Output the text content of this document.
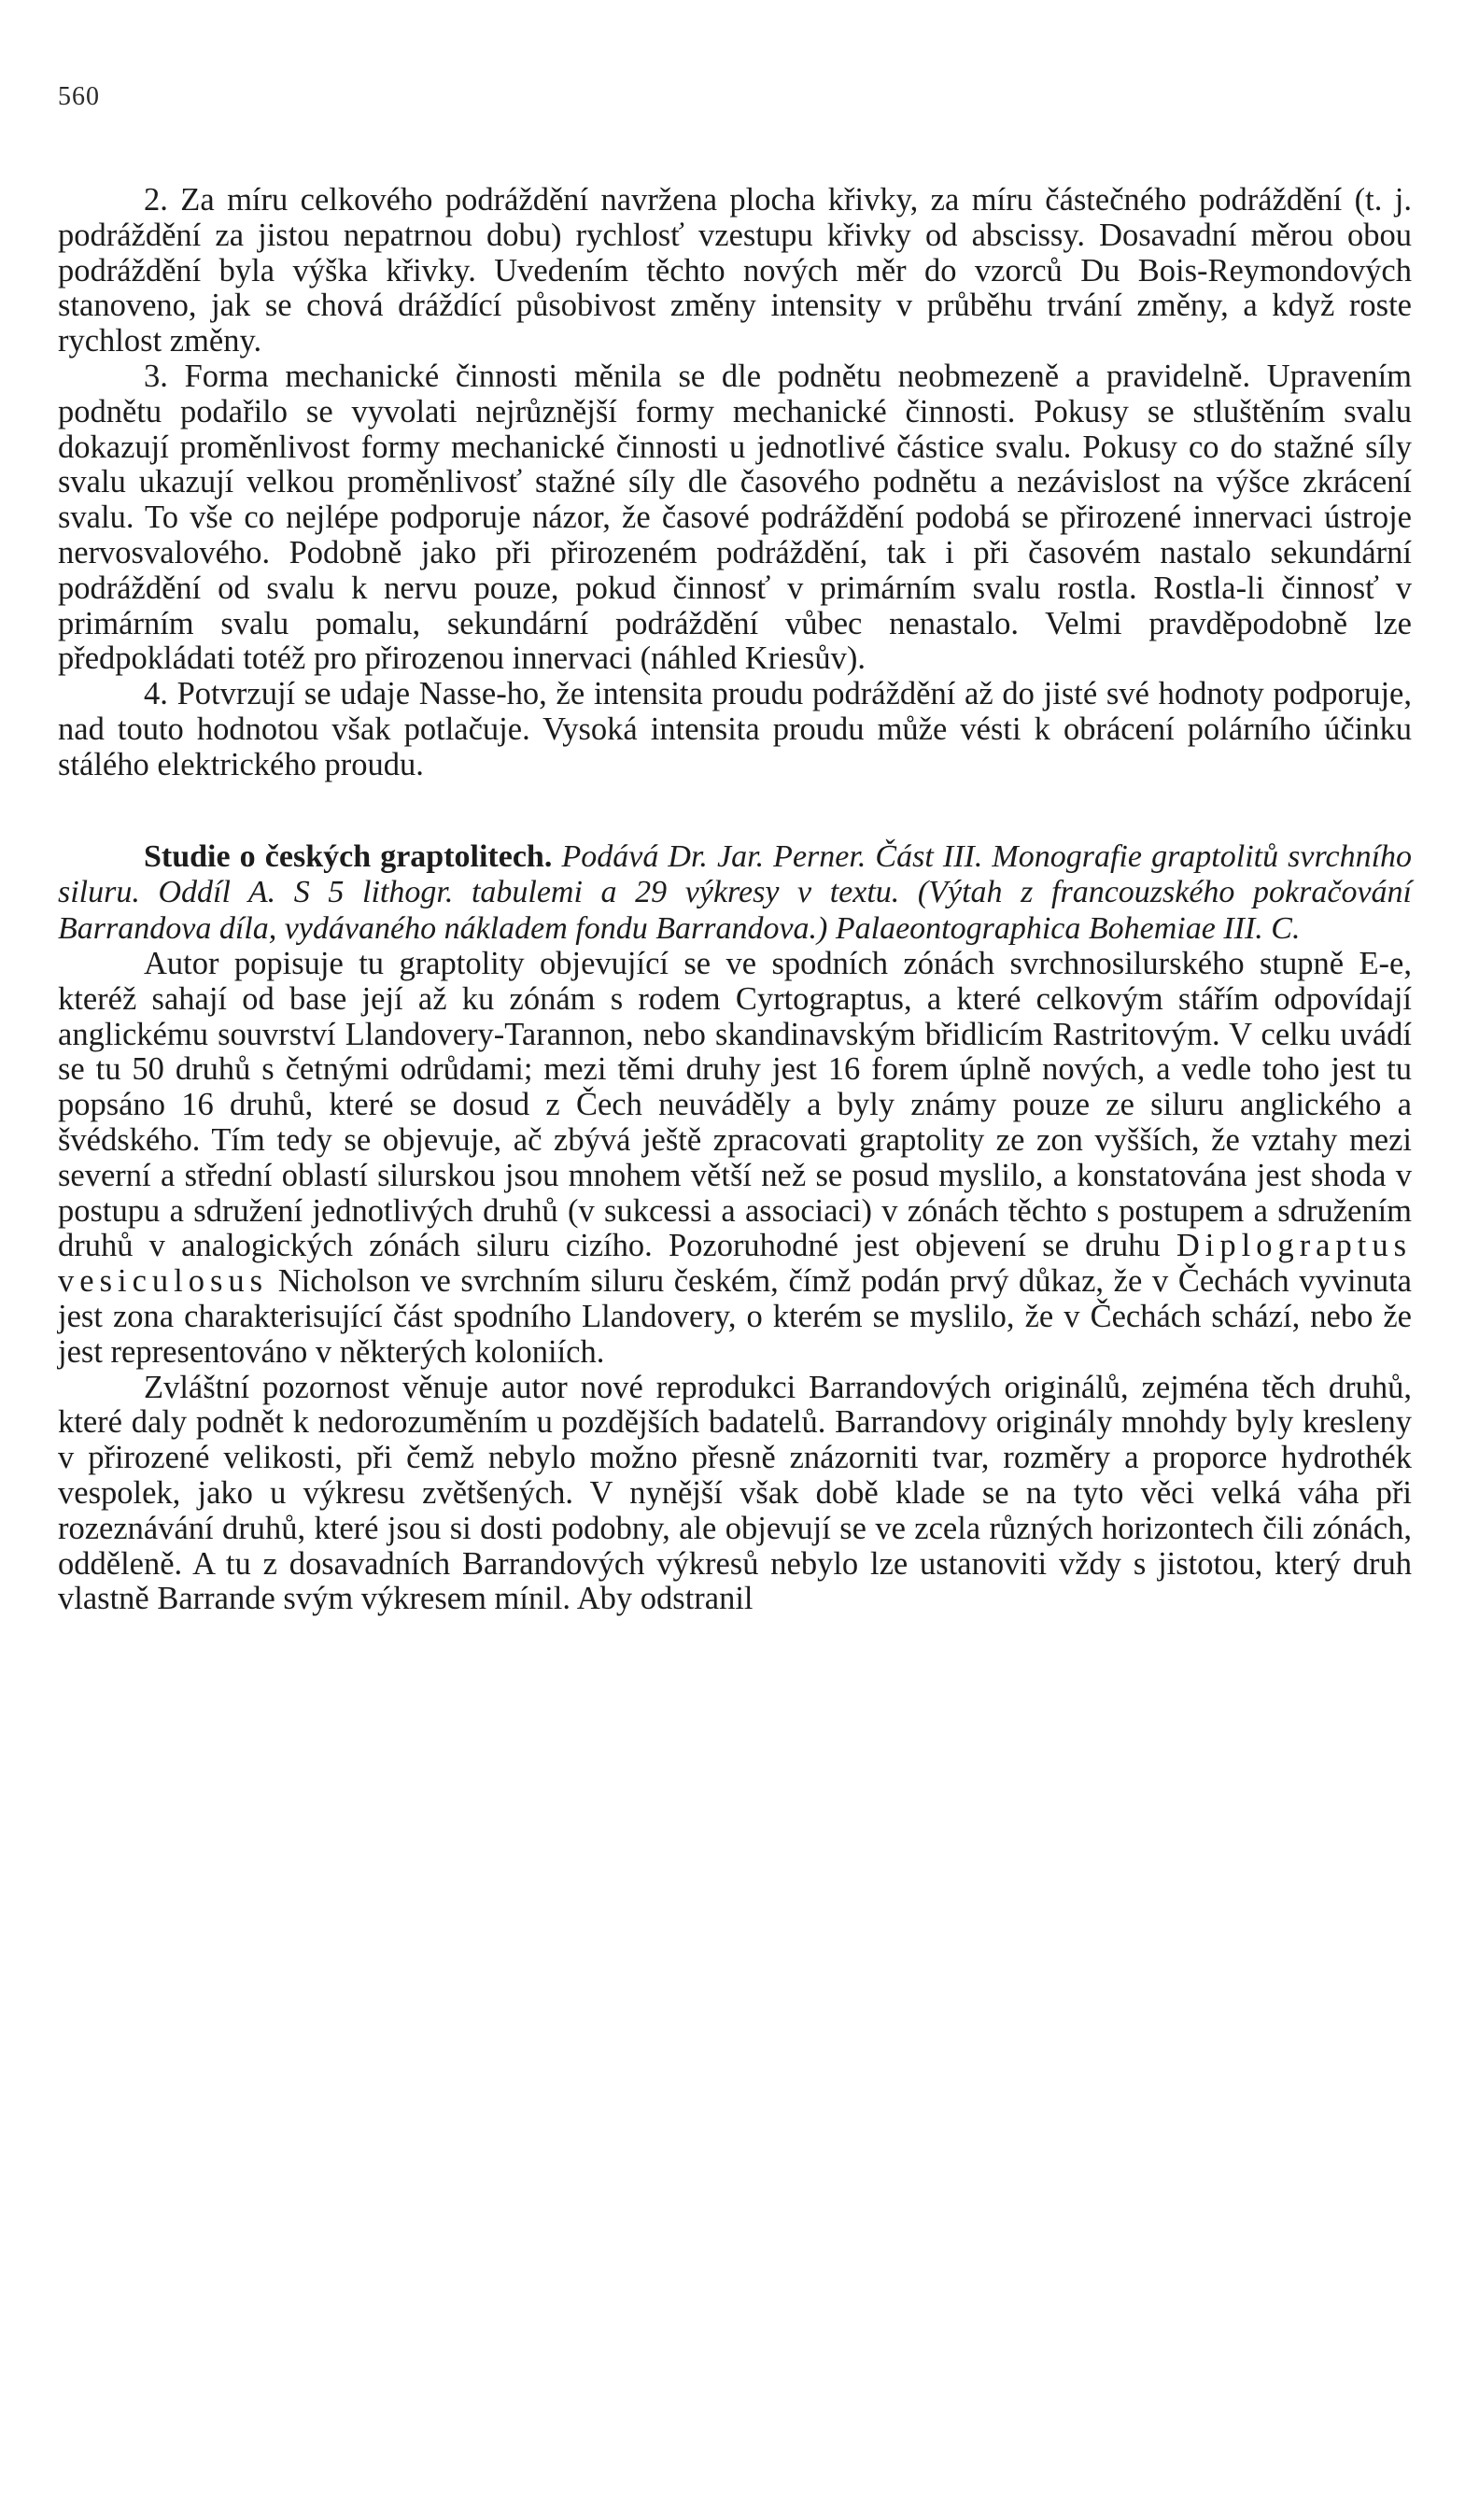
560

2. Za míru celkového podráždění navržena plocha křivky, za míru částečného podráždění (t. j. podráždění za jistou nepatrnou dobu) rychlosť vzestupu křivky od abscissy. Dosavadní měrou obou podráždění byla výška křivky. Uvedením těchto nových měr do vzorců Du Bois-Reymondových stanoveno, jak se chová dráždící působivost změny intensity v průběhu trvání změny, a když roste rychlost změny.

3. Forma mechanické činnosti měnila se dle podnětu neobmezeně a pravidelně. Upravením podnětu podařilo se vyvolati nejrůznější formy mechanické činnosti. Pokusy se stluštěním svalu dokazují proměnlivost formy mechanické činnosti u jednotlivé částice svalu. Pokusy co do stažné síly svalu ukazují velkou proměnlivosť stažné síly dle časového podnětu a nezávislost na výšce zkrácení svalu. To vše co nejlépe podporuje názor, že časové podráždění podobá se přirozené innervaci ústroje nervosvalového. Podobně jako při přirozeném podráždění, tak i při časovém nastalo sekundární podráždění od svalu k nervu pouze, pokud činnosť v primárním svalu rostla. Rostla-li činnosť v primárním svalu pomalu, sekundární podráždění vůbec nenastalo. Velmi pravděpodobně lze předpokládati totéž pro přirozenou innervaci (náhled Kriesův).

4. Potvrzují se udaje Nasse-ho, že intensita proudu podráždění až do jisté své hodnoty podporuje, nad touto hodnotou však potlačuje. Vysoká intensita proudu může vésti k obrácení polárního účinku stálého elektrického proudu.

Studie o českých graptolitech. Podává Dr. Jar. Perner. Část III. Monografie graptolitů svrchního siluru. Oddíl A. S 5 lithogr. tabulemi a 29 výkresy v textu. (Výtah z francouzského pokračování Barrandova díla, vydávaného nákladem fondu Barrandova.) Palaeontographica Bohemiae III. C.

Autor popisuje tu graptolity objevující se ve spodních zónách svrchnosilurského stupně E-e, kteréž sahají od base její až ku zónám s rodem Cyrtograptus, a které celkovým stářím odpovídají anglickému souvrství Llandovery-Tarannon, nebo skandinavským břidlicím Rastritovým. V celku uvádí se tu 50 druhů s četnými odrůdami; mezi těmi druhy jest 16 forem úplně nových, a vedle toho jest tu popsáno 16 druhů, které se dosud z Čech neuváděly a byly známy pouze ze siluru anglického a švédského. Tím tedy se objevuje, ač zbývá ještě zpracovati graptolity ze zon vyšších, že vztahy mezi severní a střední oblastí silurskou jsou mnohem větší než se posud myslilo, a konstatována jest shoda v postupu a sdružení jednotlivých druhů (v sukcessi a associaci) v zónách těchto s postupem a sdružením druhů v analogických zónách siluru cizího. Pozoruhodné jest objevení se druhu Diplograptus vesiculosus Nicholson ve svrchním siluru českém, čímž podán prvý důkaz, že v Čechách vyvinuta jest zona charakterisující část spodního Llandovery, o kterém se myslilo, že v Čechách schází, nebo že jest representováno v některých koloniích.

Zvláštní pozornost věnuje autor nové reprodukci Barrandových originálů, zejména těch druhů, které daly podnět k nedorozuměním u pozdějších badatelů. Barrandovy originály mnohdy byly kresleny v přirozené velikosti, při čemž nebylo možno přesně znázorniti tvar, rozměry a proporce hydrothék vespolek, jako u výkresu zvětšených. V nynější však době klade se na tyto věci velká váha při rozeznávání druhů, které jsou si dosti podobny, ale objevují se ve zcela různých horizontech čili zónách, odděleně. A tu z dosavadních Barrandových výkresů nebylo lze ustanoviti vždy s jistotou, který druh vlastně Barrande svým výkresem mínil. Aby odstranil
